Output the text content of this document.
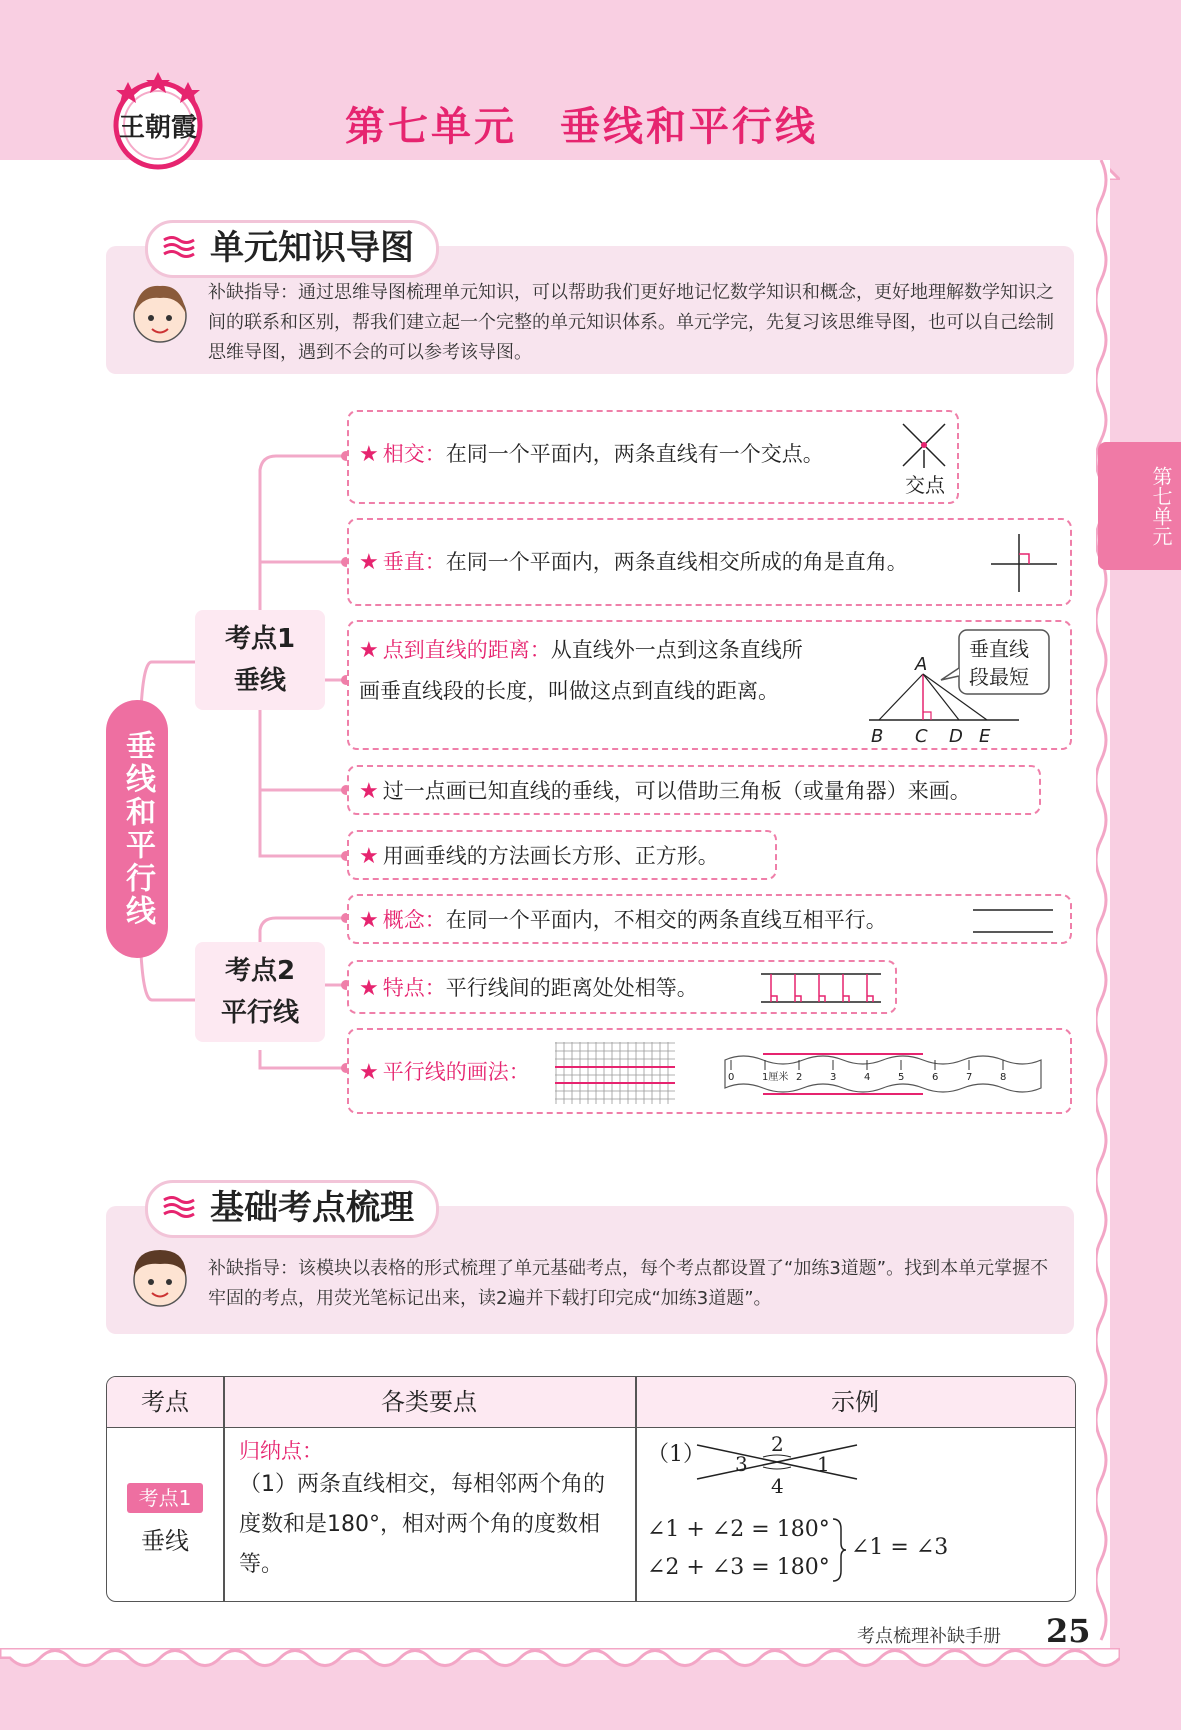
王朝霞	第七单元　垂线和平行线
第七单元

补缺指导：通过思维导图梳理单元知识，可以帮助我们更好地记忆数学知识和概念，更好地理解数学知识之间的联系和区别，帮我们建立起一个完整的单元知识体系。单元学完，先复习该思维导图，也可以自己绘制思维导图，遇到不会的可以参考该导图。

单元知识导图
垂线和平行线
考点1
垂线
考点2
平行线
★ 相交：在同一个平面内，两条直线有一个交点。
交点
★ 垂直：在同一个平面内，两条直线相交所成的角是直角。
★ 点到直线的距离：从直线外一点到这条直线所画垂直线段的长度，叫做这点到直线的距离。
垂直线
段最短
A
B C D E
★ 过一点画已知直线的垂线，可以借助三角板（或量角器）来画。
★ 用画垂线的方法画长方形、正方形。
★ 概念：在同一个平面内，不相交的两条直线互相平行。
★ 特点：平行线间的距离处处相等。
★ 平行线的画法：	0	1厘米 2	3	4	5	6	7	8

补缺指导：该模块以表格的形式梳理了单元基础考点，每个考点都设置了“加练3道题”。找到本单元掌握不牢固的考点，用荧光笔标记出来，读2遍并下载打印完成“加练3道题”。

基础考点梳理
考点	各类要点	示例
考点1
垂线
归纳点：
（1）两条直线相交，每相邻两个角的度数和是180°，相对两个角的度数相等。
（1）	2
3	1
4
∠1 + ∠2 = 180°
∠2 + ∠3 = 180°
∠1 = ∠3
考点梳理补缺手册 25
